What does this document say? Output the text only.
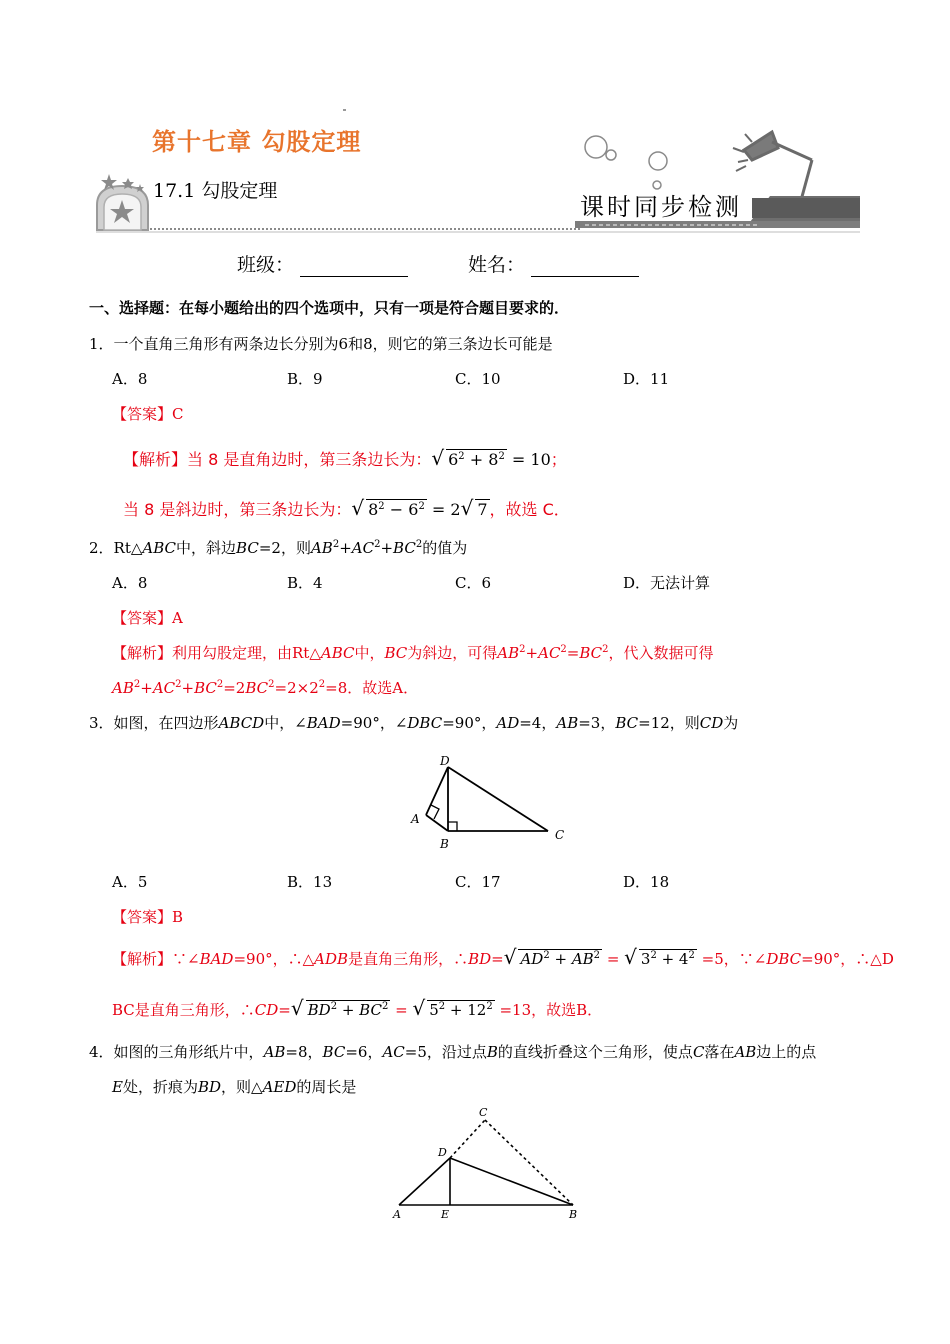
第十七章 勾股定理
17.1 勾股定理
课时同步检测
班级：	姓名：
一、选择题：在每小题给出的四个选项中，只有一项是符合题目要求的．
1．一个直角三角形有两条边长分别为6和8，则它的第三条边长可能是
A．8	B．9	C．10	D．11
【答案】C
【解析】当 8 是直角边时，第三条边长为：√ $6^2 + 8^2 = 10$；
当 8 是斜边时，第三条边长为：√ $8^2 - 6^2 = 2√$ 7 ，故选 C．
2．Rt△ABC中，斜边BC=2，则$AB^2+AC^2+BC^2$的值为
A．8	B．4	C．6	D．无法计算
【答案】A
【解析】利用勾股定理，由Rt△ABC中，BC为斜边，可得$AB^2+AC^2=BC^2$，代入数据可得
$AB^2+AC^2+BC^2=2BC^2=2\times 2^2=8$．故选A．
3．如图，在四边形ABCD中，∠BAD=90°，∠DBC=90°，AD=4，AB=3，BC=12，则CD为
D
A
B
C
A．5	B．13	C．17	D．18
【答案】B
【解析】∵∠BAD=90°，∴△ADB是直角三角形，∴BD=√ $AD^2 + AB^2$ = √ $3^2 + 4^2 =5$，∵∠DBC=90°，∴△D
BC是直角三角形，∴CD=√ $BD^2 + BC^2$ = √ $5^2 + 12^2 =13$，故选B．
4．如图的三角形纸片中，AB=8，BC=6，AC=5，沿过点B的直线折叠这个三角形，使点C落在AB边上的点
E处，折痕为BD，则△AED的周长是
C
D
A	E	B
